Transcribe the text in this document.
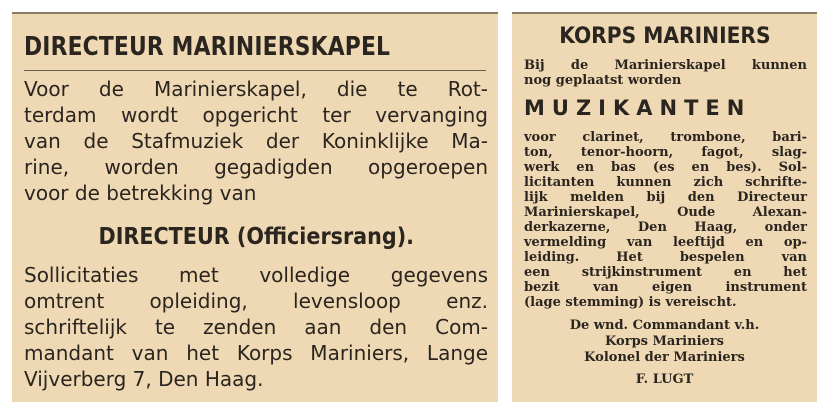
DIRECTEUR MARINIERSKAPEL
Voor de Marinierskapel, die te Rot-
terdam wordt opgericht ter vervanging
van de Stafmuziek der Koninklijke Ma-
rine, worden gegadigden opgeroepen
voor de betrekking van
DIRECTEUR (Officiersrang).
Sollicitaties met volledige gegevens
omtrent opleiding, levensloop enz.
schriftelijk te zenden aan den Com-
mandant van het Korps Mariniers, Lange
Vijverberg 7, Den Haag.
KORPS MARINIERS
Bij de Marinierskapel kunnen
nog geplaatst worden
MUZIKANTEN
voor clarinet, trombone, bari-
ton, tenor-hoorn, fagot, slag-
werk en bas (es en bes). Sol-
licitanten kunnen zich schrifte-
lijk melden bij den Directeur
Marinierskapel, Oude Alexan-
derkazerne, Den Haag, onder
vermelding van leeftijd en op-
leiding. Het bespelen van
een strijkinstrument en het
bezit van eigen instrument
(lage stemming) is vereischt.
De wnd. Commandant v.h.
Korps Mariniers
Kolonel der Mariniers
F. LUGT
